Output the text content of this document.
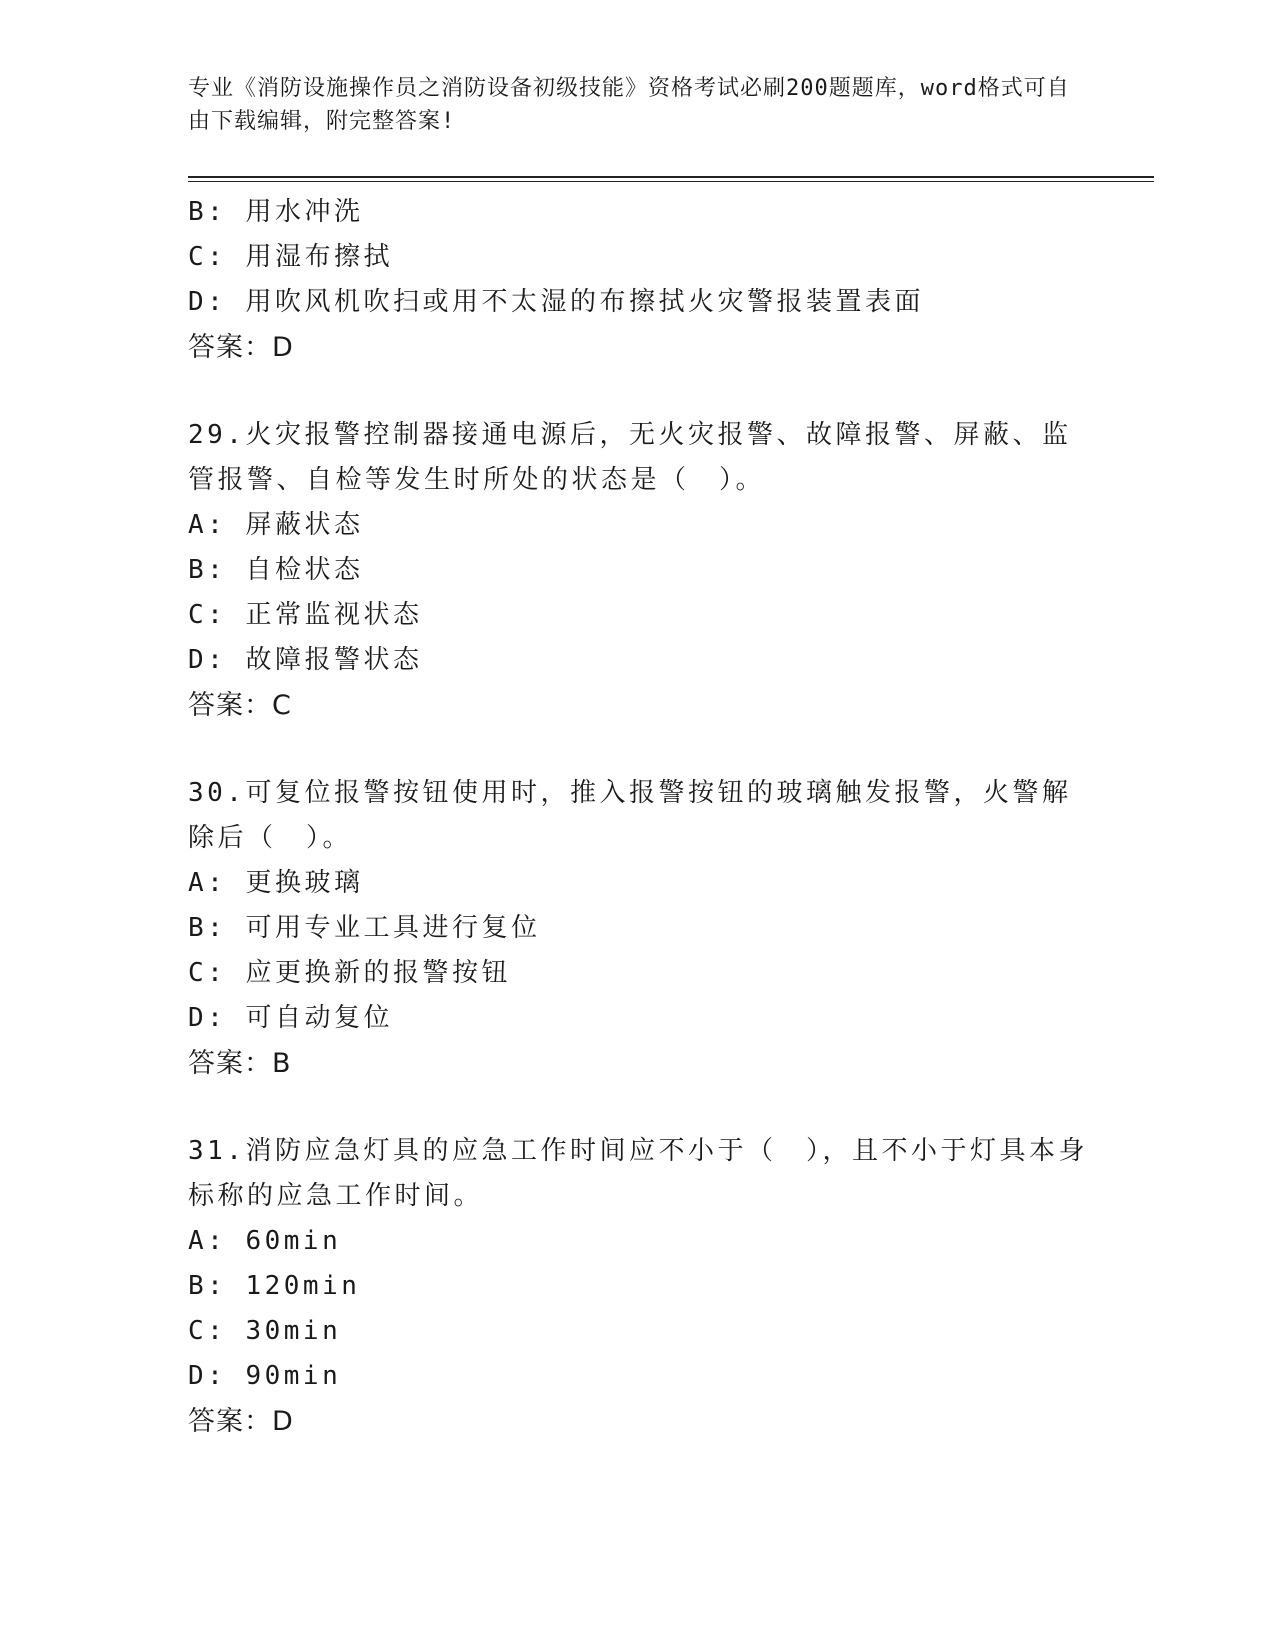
专业《消防设施操作员之消防设备初级技能》资格考试必刷200题题库，word格式可自由下载编辑，附完整答案!
B: 用水冲洗
C: 用湿布擦拭
D: 用吹风机吹扫或用不太湿的布擦拭火灾警报装置表面
答案：D
29.火灾报警控制器接通电源后，无火灾报警、故障报警、屏蔽、监管报警、自检等发生时所处的状态是（　）。
A: 屏蔽状态
B: 自检状态
C: 正常监视状态
D: 故障报警状态
答案：C
30.可复位报警按钮使用时，推入报警按钮的玻璃触发报警，火警解除后（　）。
A: 更换玻璃
B: 可用专业工具进行复位
C: 应更换新的报警按钮
D: 可自动复位
答案：B
31.消防应急灯具的应急工作时间应不小于（　），且不小于灯具本身标称的应急工作时间。
A: 60min
B: 120min
C: 30min
D: 90min
答案：D
